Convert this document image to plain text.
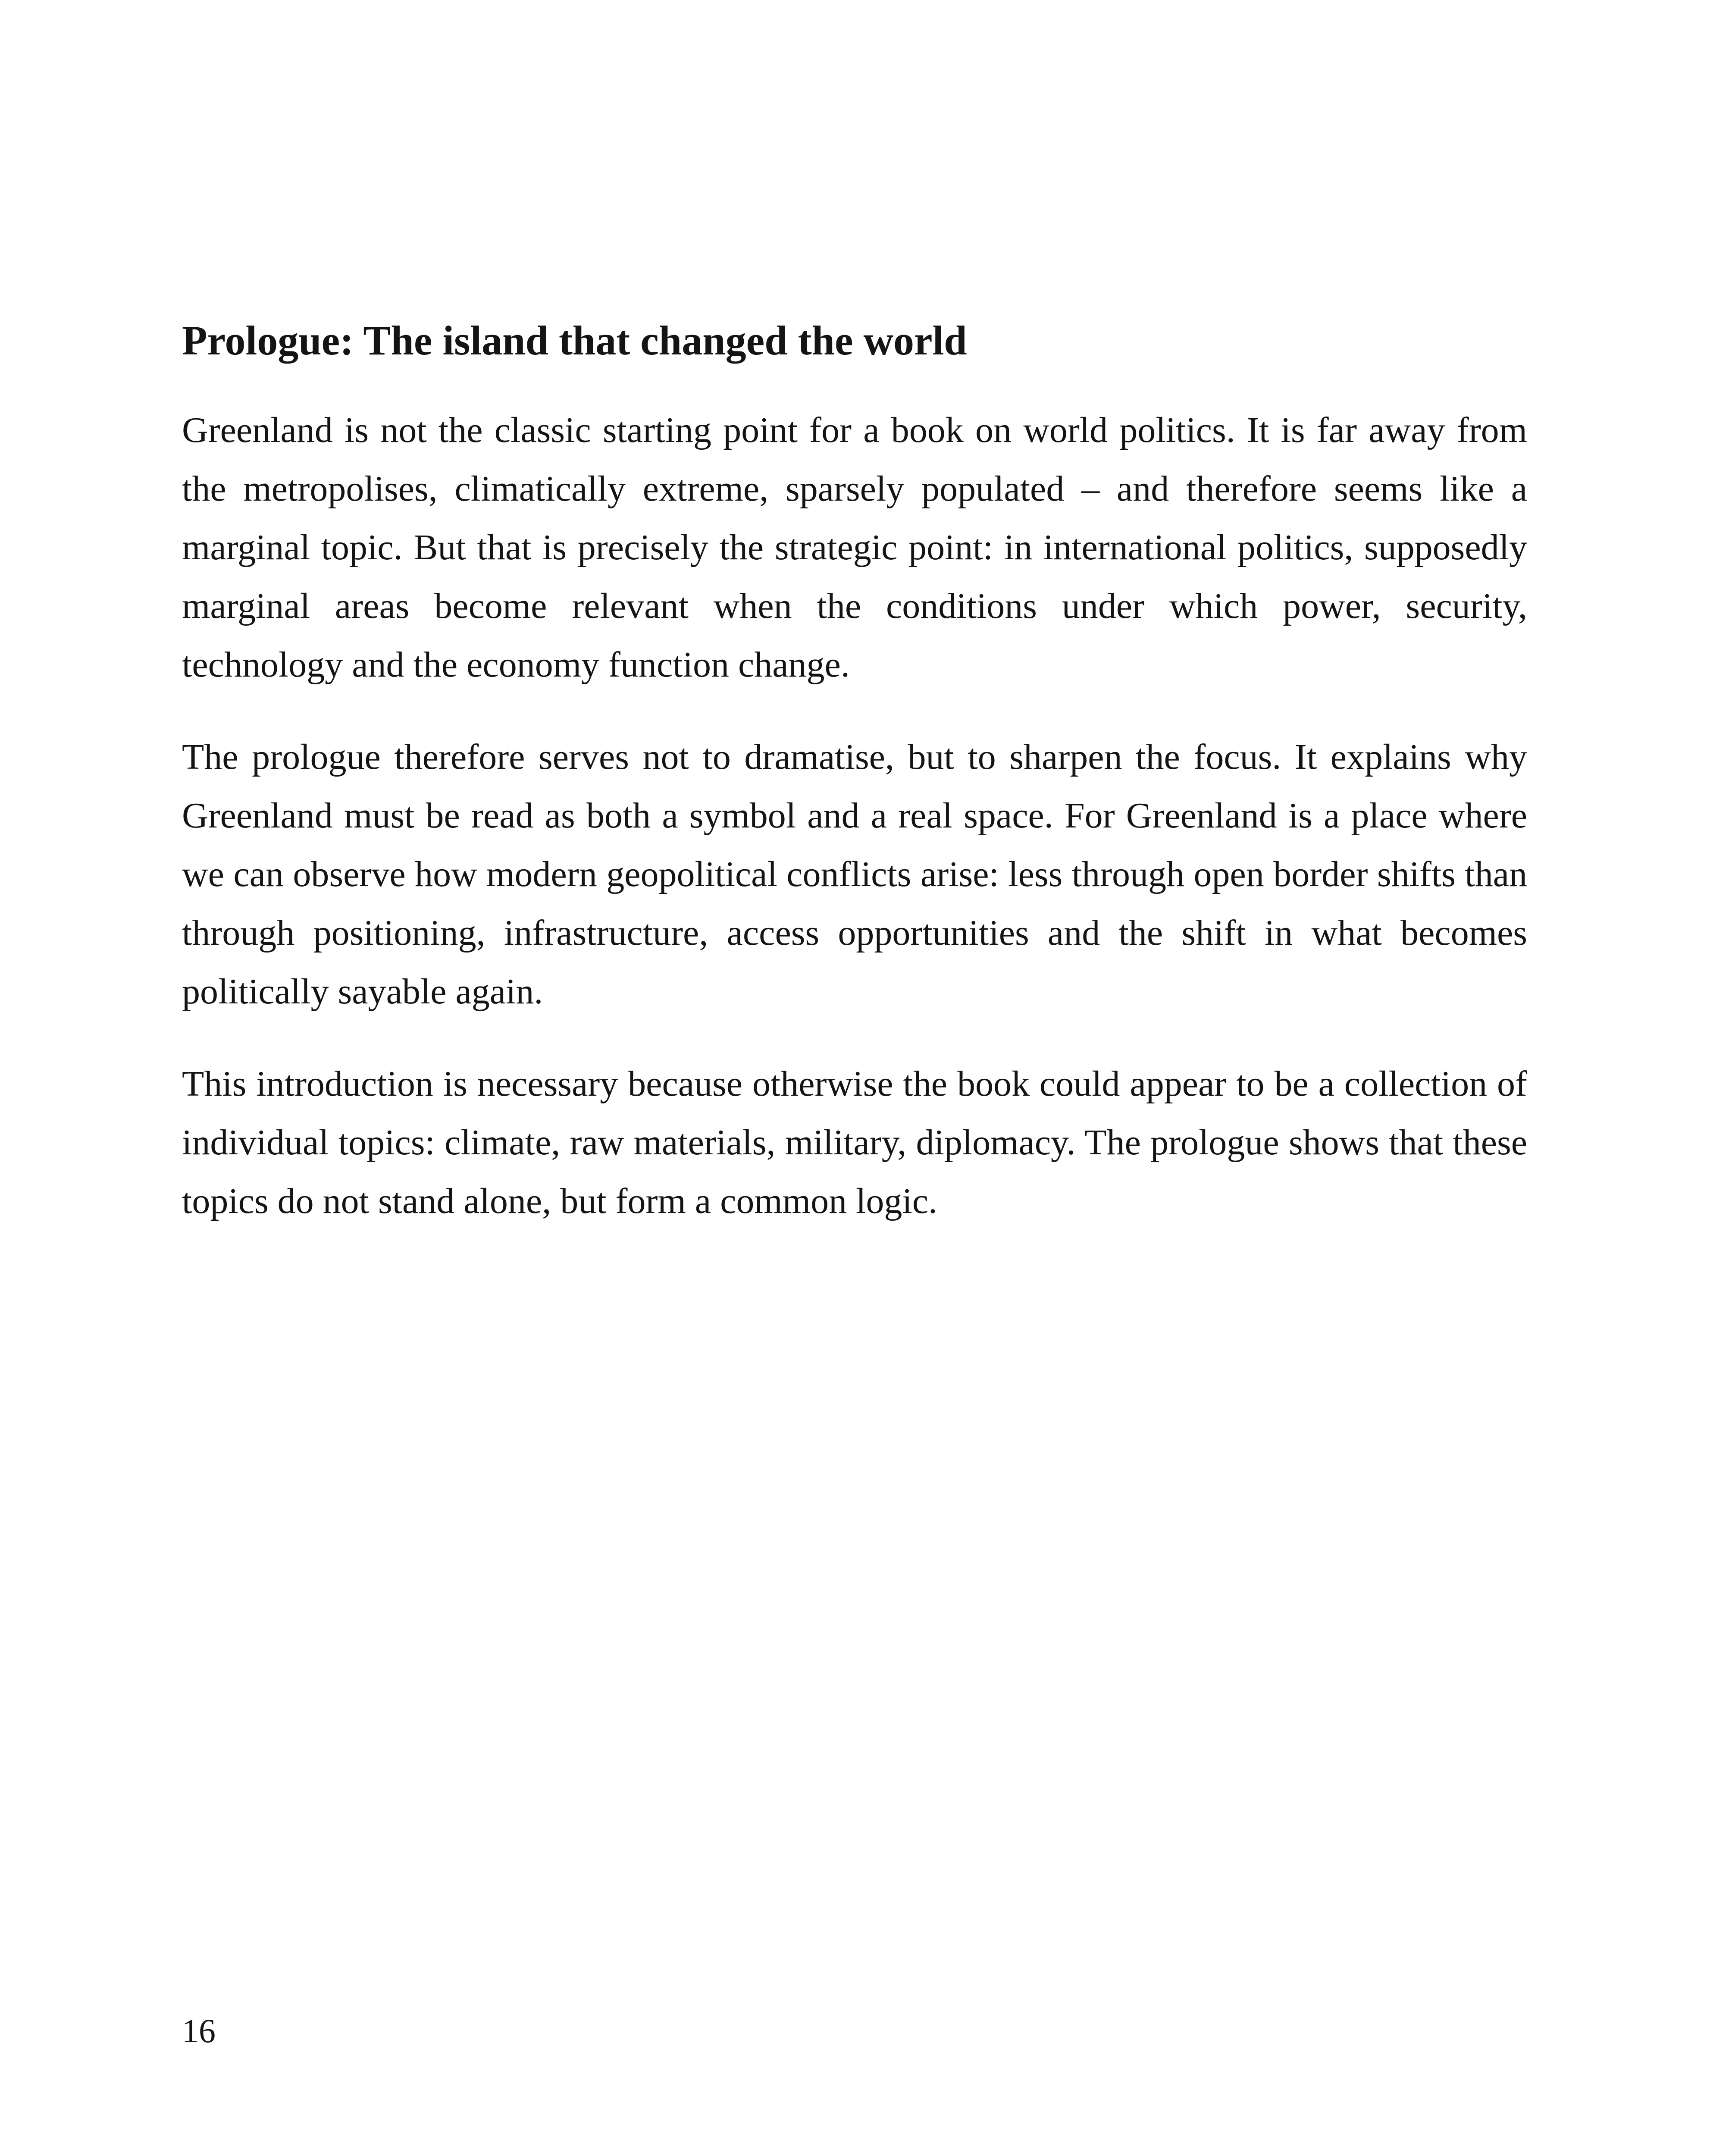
Prologue: The island that changed the world

Greenland is not the classic starting point for a book on world politics. It is far away from the metropolises, climatically extreme, sparsely populated – and therefore seems like a marginal topic. But that is precisely the strategic point: in international politics, supposedly marginal areas become relevant when the conditions under which power, security, technology and the economy function change.

The prologue therefore serves not to dramatise, but to sharpen the focus. It explains why Greenland must be read as both a symbol and a real space. For Greenland is a place where we can observe how modern geopolitical conflicts arise: less through open border shifts than through positioning, infrastructure, access opportunities and the shift in what becomes politically sayable again.

This introduction is necessary because otherwise the book could appear to be a collection of individual topics: climate, raw materials, military, diplomacy. The prologue shows that these topics do not stand alone, but form a common logic.

16
